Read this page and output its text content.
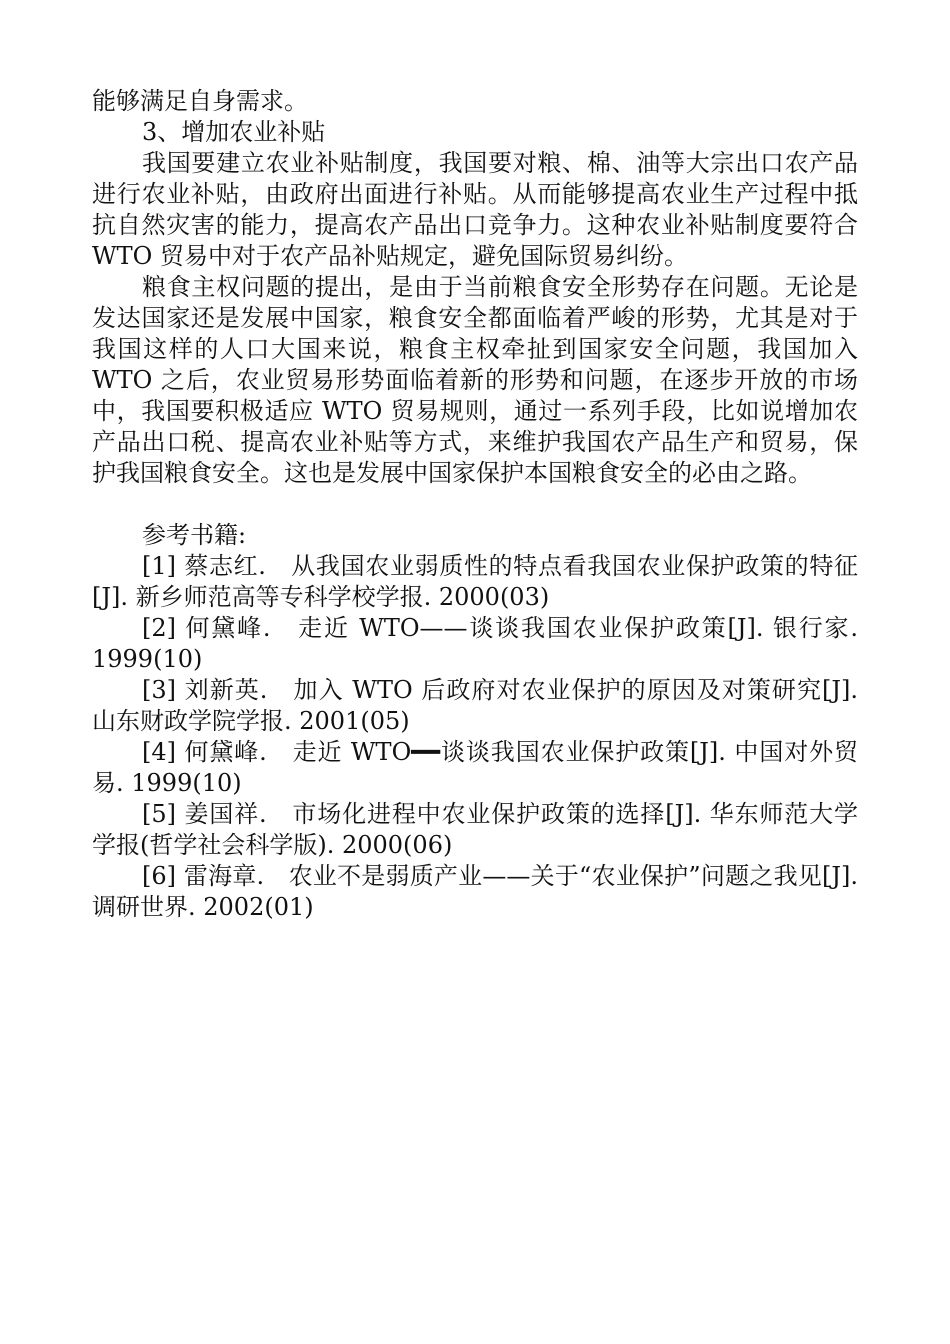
能够满足自身需求。

3、增加农业补贴

我国要建立农业补贴制度，我国要对粮、棉、油等大宗出口农产品进行农业补贴，由政府出面进行补贴。从而能够提高农业生产过程中抵抗自然灾害的能力，提高农产品出口竞争力。这种农业补贴制度要符合 WTO 贸易中对于农产品补贴规定，避免国际贸易纠纷。

粮食主权问题的提出，是由于当前粮食安全形势存在问题。无论是发达国家还是发展中国家，粮食安全都面临着严峻的形势，尤其是对于我国这样的人口大国来说，粮食主权牵扯到国家安全问题，我国加入 WTO 之后，农业贸易形势面临着新的形势和问题，在逐步开放的市场中，我国要积极适应 WTO 贸易规则，通过一系列手段，比如说增加农产品出口税、提高农业补贴等方式，来维护我国农产品生产和贸易，保护我国粮食安全。这也是发展中国家保护本国粮食安全的必由之路。

参考书籍:

[1] 蔡志红.　从我国农业弱质性的特点看我国农业保护政策的特征[J]. 新乡师范高等专科学校学报. 2000(03)

[2] 何黛峰.　走近 WTO——谈谈我国农业保护政策[J]. 银行家. 1999(10)

[3] 刘新英.　加入 WTO 后政府对农业保护的原因及对策研究[J]. 山东财政学院学报. 2001(05)

[4] 何黛峰.　走近 WTO━━谈谈我国农业保护政策[J]. 中国对外贸易. 1999(10)

[5] 姜国祥.　市场化进程中农业保护政策的选择[J]. 华东师范大学学报(哲学社会科学版). 2000(06)

[6] 雷海章.　农业不是弱质产业——关于“农业保护”问题之我见[J]. 调研世界. 2002(01)
